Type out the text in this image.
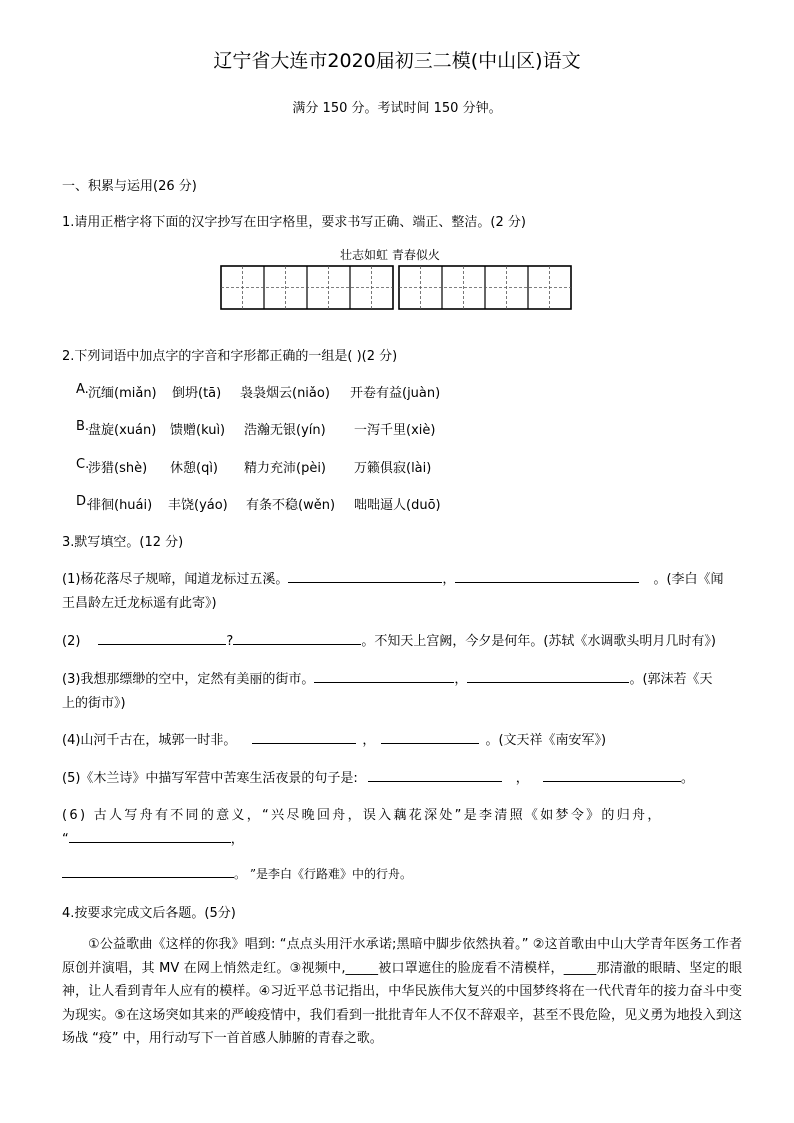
辽宁省大连市2020届初三二模(中山区)语文
满分 150 分。考试时间 150 分钟。
一、积累与运用(26 分)
1.请用正楷字将下面的汉字抄写在田字格里，要求书写正确、端正、整洁。(2 分)
壮志如虹 青春似火
2.下列词语中加点字的字音和字形都正确的一组是( )(2 分)
A. 沉缅(miǎn) 倒坍(tā) 袅袅烟云(niǎo) 开卷有益(juàn)
B.
盘旋(xuán) 馈赠(kuì) 浩瀚无银(yín) 一泻千里(xiè)
C.
涉猎(shè) 休憩(qì) 精力充沛(pèi) 万籁俱寂(lài)
D.
徘徊(huái) 丰饶(yáo) 有条不稳(wěn) 咄咄逼人(duō)
3.默写填空。(12 分)
(1)杨花落尽子规啼，闻道龙标过五溪。	，	。(李白《闻
王昌龄左迁龙标遥有此寄》)
(2)	?	。不知天上宫阙，今夕是何年。(苏轼《水调歌头明月几时有》)
(3)我想那缥缈的空中，定然有美丽的街市。	，	。(郭沫若《天
上的街市》)
(4)山河千古在，城郭一时非。	，	。(文天祥《南安军》)
(5)《木兰诗》中描写军营中苦寒生活夜景的句子是:	，	。
(6) 古人写舟有不同的意义，“兴尽晚回舟，误入藕花深处”是李清照《如梦令》的归舟，
“	，
。 ”是李白《行路难》中的行舟。
4.按要求完成文后各题。(5分)
①公益歌曲《这样的你我》唱到: “点点头用汗水承诺;黑暗中脚步依然执着。” ②这首歌由中山大学青年医务工作者原创并演唱，其 MV 在网上悄然走红。③视频中,_____被口罩遮住的脸庞看不清模样，_____那清澈的眼睛、坚定的眼神，让人看到青年人应有的模样。④习近平总书记指出，中华民族伟大复兴的中国梦终将在一代代青年的接力奋斗中变为现实。⑤在这场突如其来的严峻疫情中，我们看到一批批青年人不仅不辞艰辛，甚至不畏危险，见义勇为地投入到这场战 “疫” 中，用行动写下一首首感人肺腑的青春之歌。
